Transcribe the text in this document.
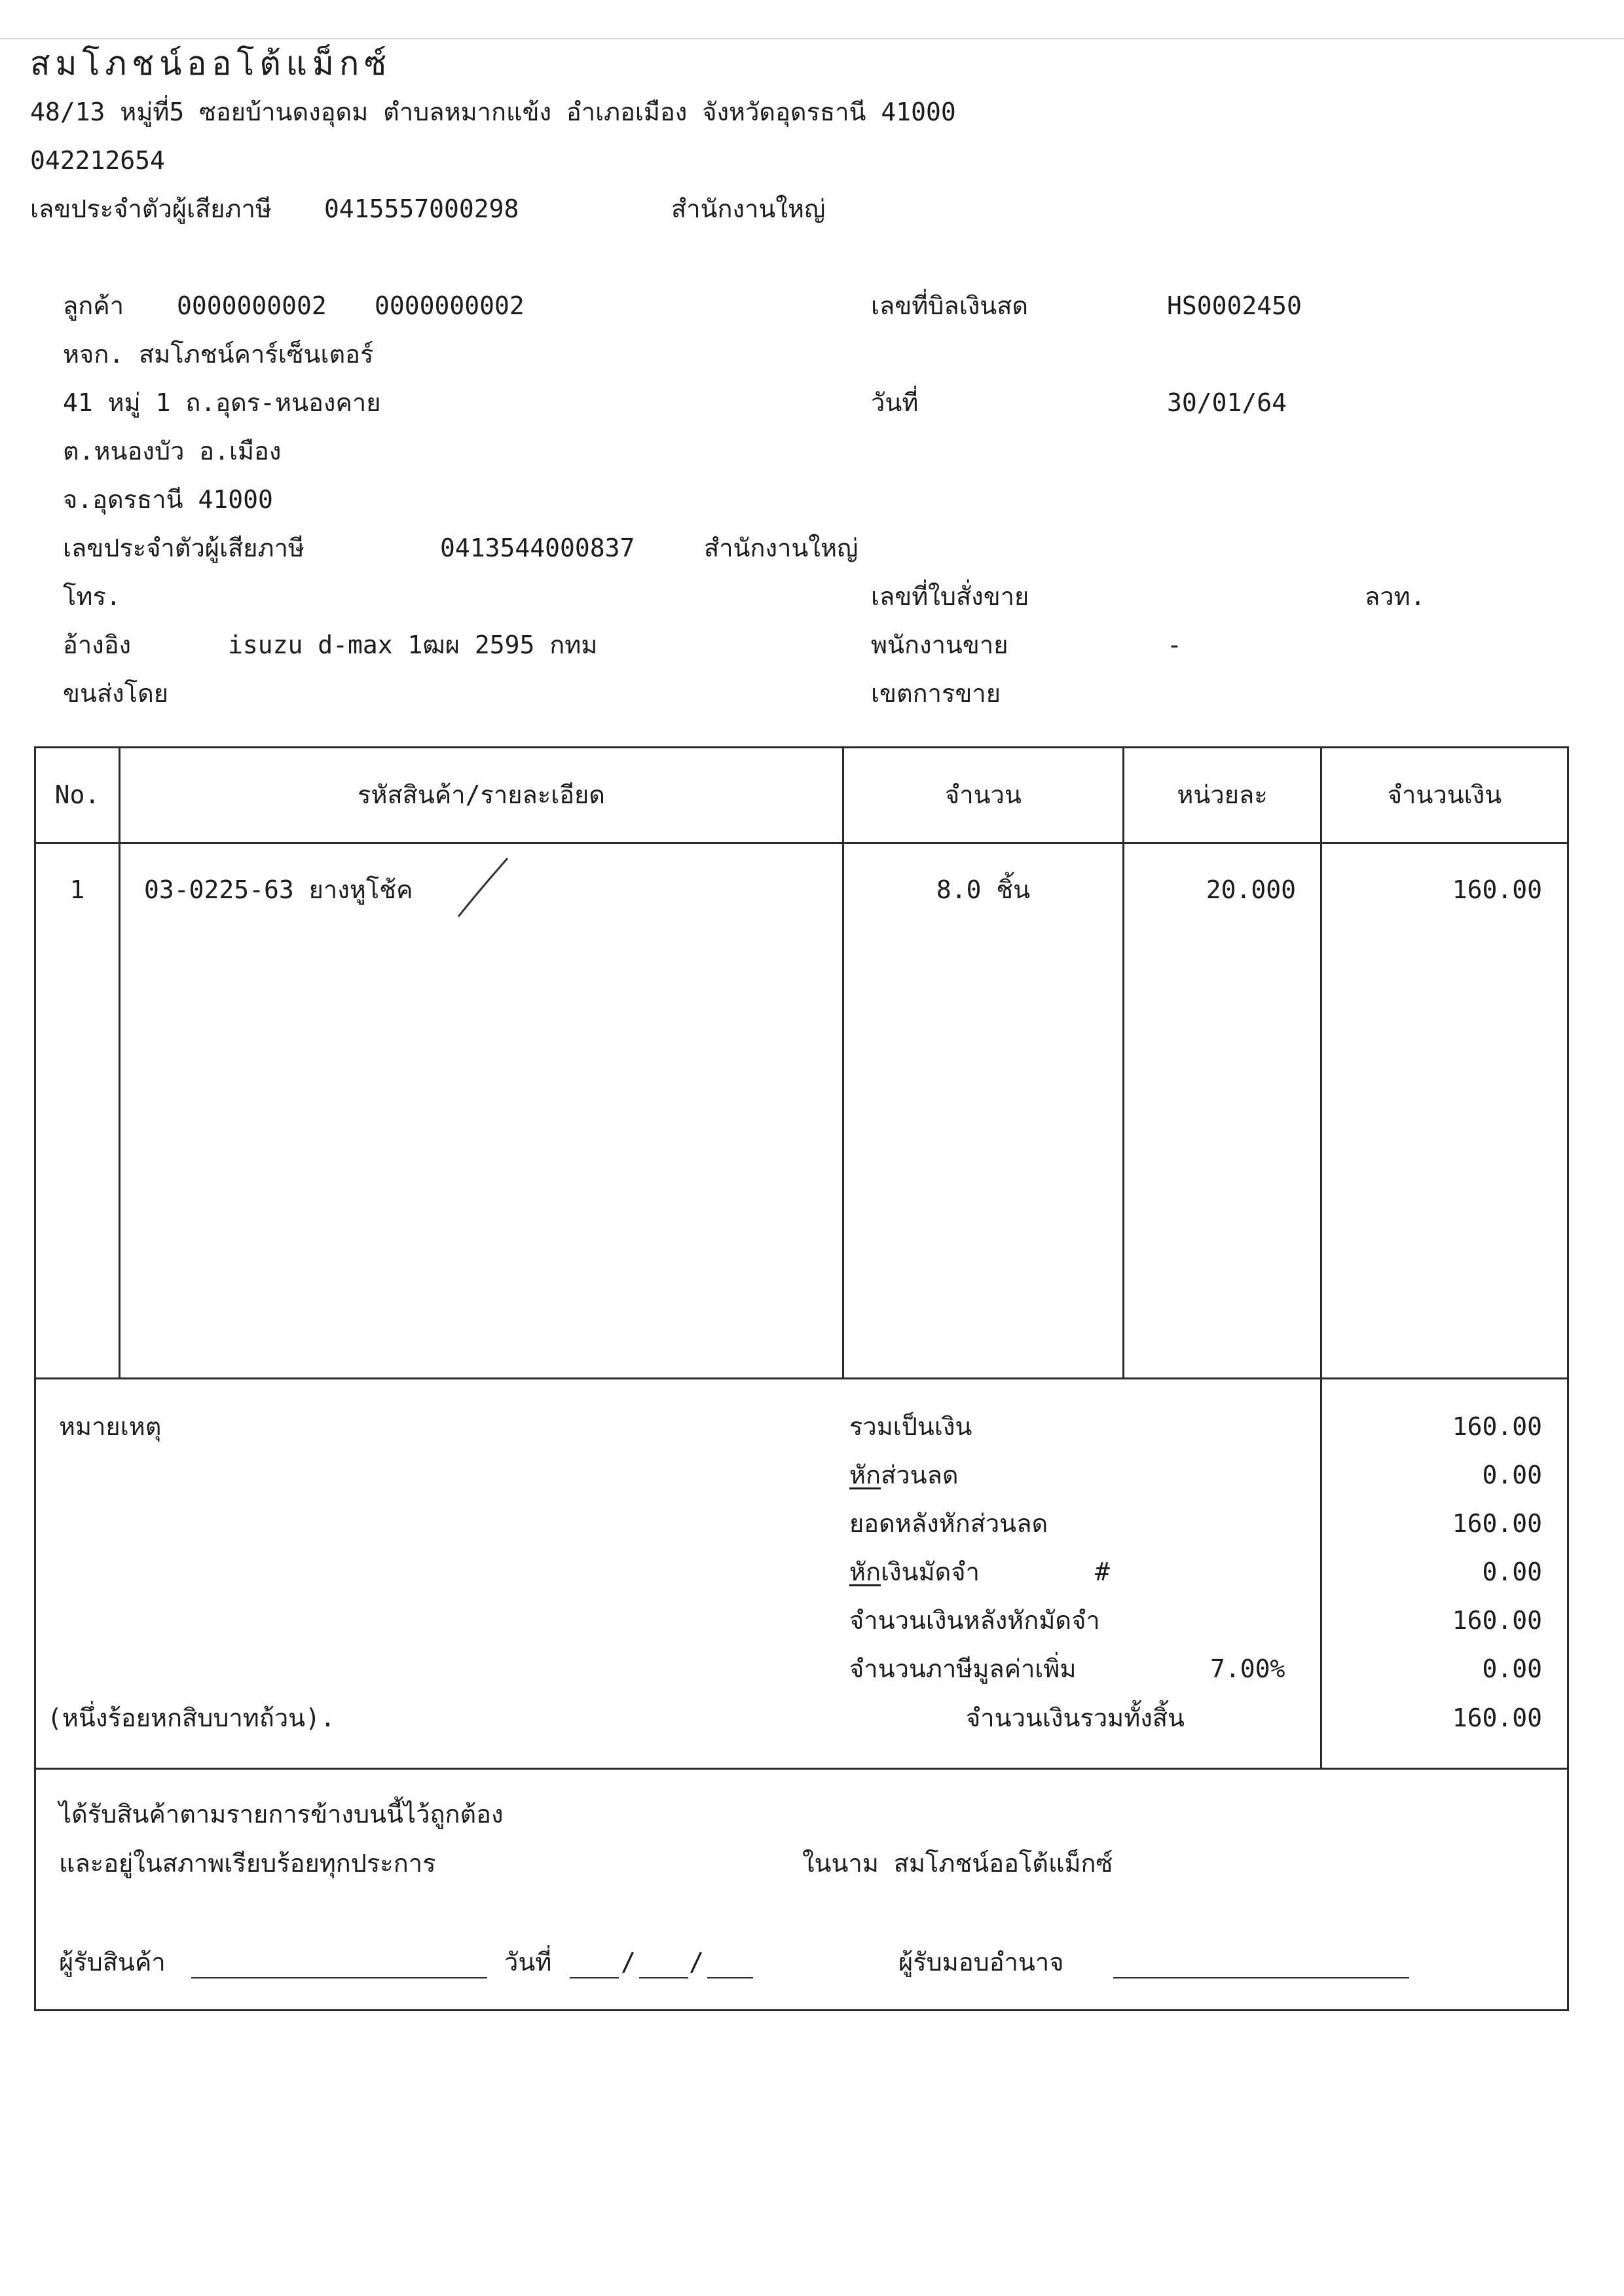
สมโภชน์ออโต้แม็กซ์
48/13 หมู่ที่5 ซอยบ้านดงอุดม ตำบลหมากแข้ง อำเภอเมือง จังหวัดอุดรธานี 41000
042212654
เลขประจำตัวผู้เสียภาษี 0415557000298	สำนักงานใหญ่
ลูกค้า 0000000002 0000000002
หจก. สมโภชน์คาร์เซ็นเตอร์
41 หมู่ 1 ถ.อุดร-หนองคาย
ต.หนองบัว อ.เมือง
จ.อุดรธานี 41000
เลขประจำตัวผู้เสียภาษี	0413544000837	สำนักงานใหญ่
โทร.
อ้างอิง	isuzu d-max 1ฒผ 2595 กทม
ขนส่งโดย
เลขที่บิลเงินสด	HS0002450
วันที่	30/01/64
เลขที่ใบสั่งขาย	ลวท.
พนักงานขาย	-
เขตการขาย
No.	รหัสสินค้า/รายละเอียด	จำนวน	หน่วยละ	จำนวนเงิน
1	03-0225-63 ยางหูโช้ค	8.0 ชิ้น	20.000	160.00
หมายเหตุ
(หนึ่งร้อยหกสิบบาทถ้วน).
รวมเป็นเงิน	160.00
หักส่วนลด	0.00
ยอดหลังหักส่วนลด	160.00
หักเงินมัดจำ	#	0.00
จำนวนเงินหลังหักมัดจำ	160.00
จำนวนภาษีมูลค่าเพิ่ม	7.00%	0.00
จำนวนเงินรวมทั้งสิ้น	160.00
ได้รับสินค้าตามรายการข้างบนนี้ไว้ถูกต้อง
และอยู่ในสภาพเรียบร้อยทุกประการ	ในนาม สมโภชน์ออโต้แม็กซ์
ผู้รับสินค้า	วันที่	/ /	ผู้รับมอบอำนาจ
